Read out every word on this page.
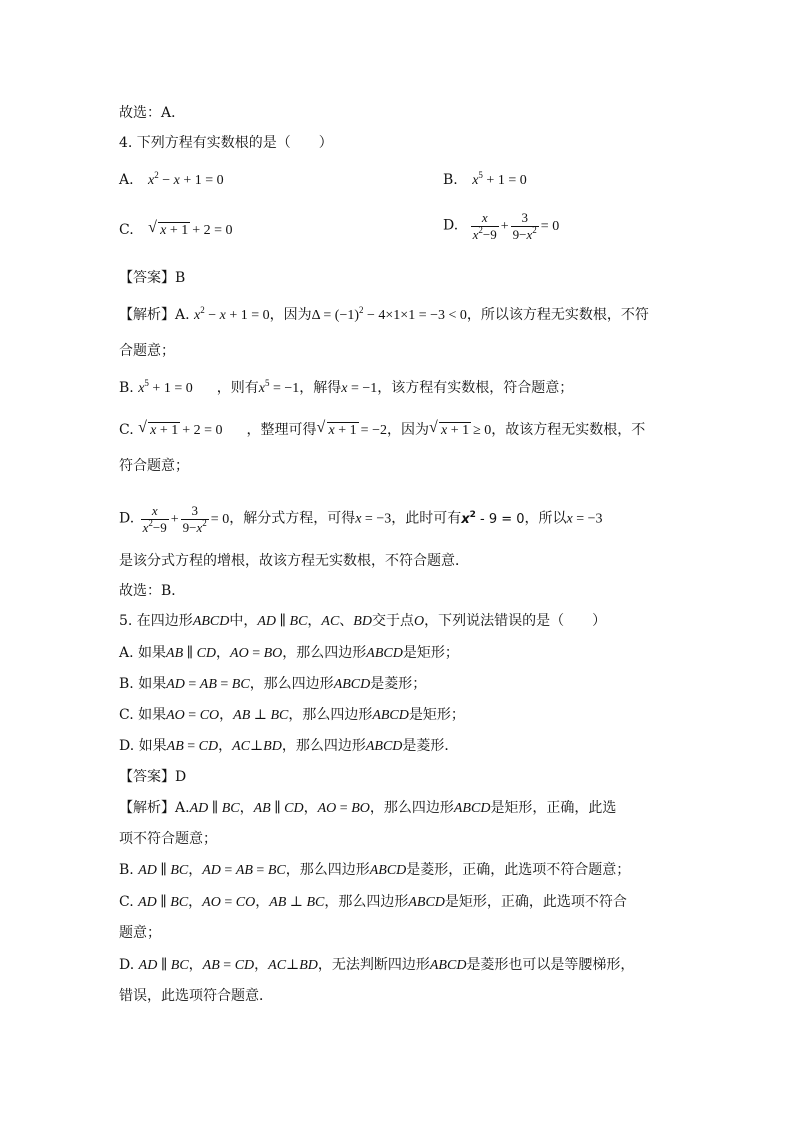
故选：A．
4. 下列方程有实数根的是（　　）
A. $x^2 - x + 1 = 0$	B. $x^5 + 1 = 0$
C. √ x + 1 + 2 = 0	D. $\frac{x}{x^2-9} + \frac{3}{9-x^2} = 0$
【答案】B
【解析】A. $x^2 - x + 1 = 0$，因为$\Delta = (-1)^2 - 4\times 1\times 1 = -3 < 0$，所以该方程无实数根，不符
合题意；
B. $x^5 + 1 = 0$ ，则有$x^5 = -1$，解得x = −1，该方程有实数根，符合题意；
C. √ x + 1 + 2 = 0 ，整理可得 √ x + 1 = −2，因为 √ x + 1 ≥ 0，故该方程无实数根，不
符合题意；
D. $\frac{x}{x^2-9} + \frac{3}{9-x^2} = 0$，解分式方程，可得x = −3，此时可有$x^2 - 9 = 0$，所以x = −3
是该分式方程的增根，故该方程无实数根，不符合题意．
故选：B．
5. 在四边形ABCD中，AD ∥ BC，AC、BD交于点O，下列说法错误的是（　　）
A. 如果AB ∥ CD，AO = BO，那么四边形ABCD是矩形；
B. 如果AD = AB = BC，那么四边形ABCD是菱形；
C. 如果AO = CO，AB ⊥ BC，那么四边形ABCD是矩形；
D. 如果AB = CD，AC⊥BD，那么四边形ABCD是菱形．
【答案】D
【解析】A.AD ∥ BC，AB ∥ CD，AO = BO，那么四边形ABCD是矩形，正确，此选
项不符合题意；
B. AD ∥ BC，AD = AB = BC，那么四边形ABCD是菱形，正确，此选项不符合题意；
C. AD ∥ BC，AO = CO，AB ⊥ BC，那么四边形ABCD是矩形，正确，此选项不符合
题意；
D. AD ∥ BC，AB = CD，AC⊥BD，无法判断四边形ABCD是菱形也可以是等腰梯形，
错误，此选项符合题意．
